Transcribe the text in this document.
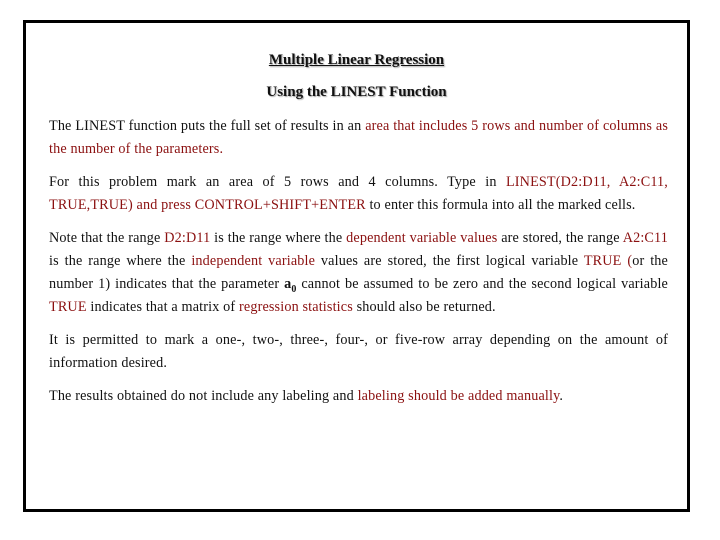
Multiple Linear Regression
Using the LINEST Function

The LINEST function puts the full set of results in an area that includes 5 rows and number of columns as the number of the parameters.

For this problem mark an area of 5 rows and 4 columns. Type in LINEST(D2:D11, A2:C11, TRUE,TRUE) and press CONTROL+SHIFT+ENTER to enter this formula into all the marked cells.

Note that the range D2:D11 is the range where the dependent variable values are stored, the range A2:C11 is the range where the independent variable values are stored, the first logical variable TRUE (or the number 1) indicates that the parameter $a_0$ cannot be assumed to be zero and the second logical variable TRUE indicates that a matrix of regression statistics should also be returned.

It is permitted to mark a one-, two-, three-, four-, or five-row array depending on the amount of information desired.

The results obtained do not include any labeling and labeling should be added manually.
